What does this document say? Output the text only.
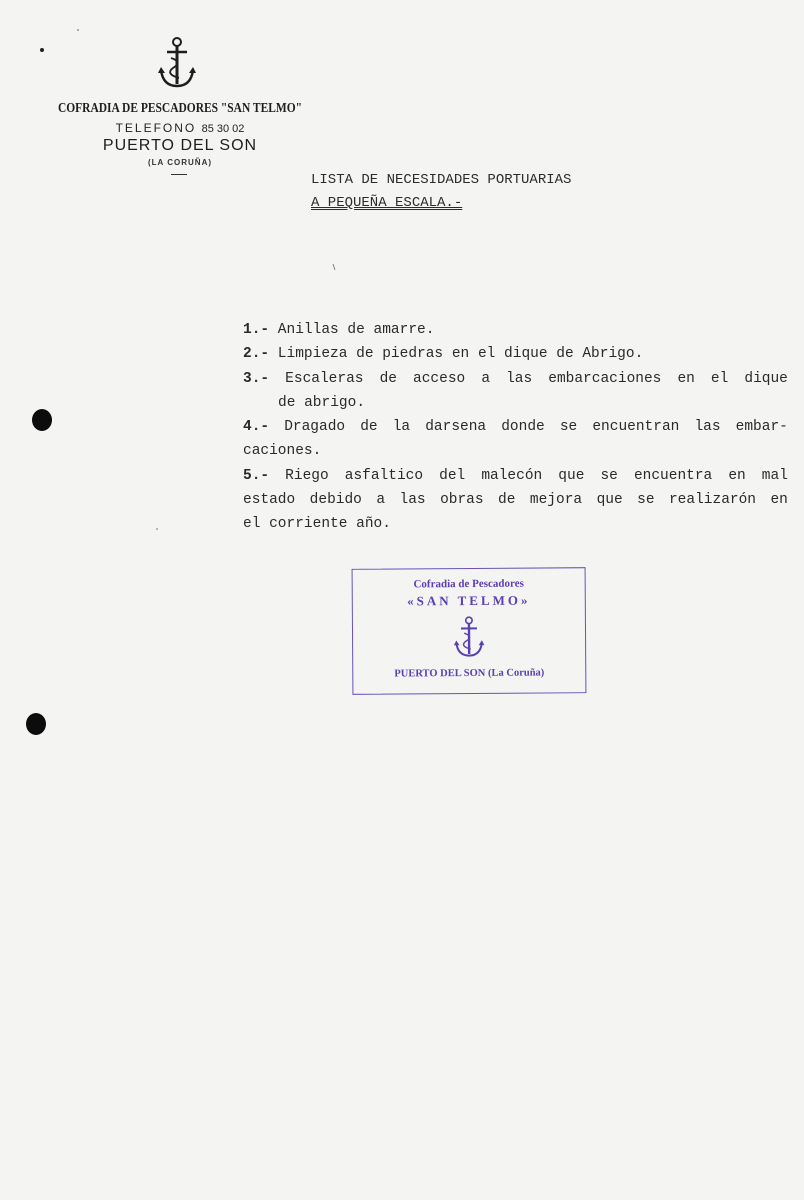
COFRADIA DE PESCADORES "SAN TELMO"
TELEFONO 85 30 02
PUERTO DEL SON
(LA CORUÑA)
LISTA DE NECESIDADES PORTUARIAS
A PEQUEÑA ESCALA.-
1.- Anillas de amarre.
2.- Limpieza de piedras en el dique de Abrigo.
3.- Escaleras de acceso a las embarcaciones en el dique
de abrigo.
4.- Dragado de la darsena donde se encuentran las embar-
caciones.
5.- Riego asfaltico del malecón que se encuentra en mal
estado debido a las obras de mejora que se realizarón en
el corriente año.
Cofradia de Pescadores
«SAN TELMO»
PUERTO DEL SON (La Coruña)
